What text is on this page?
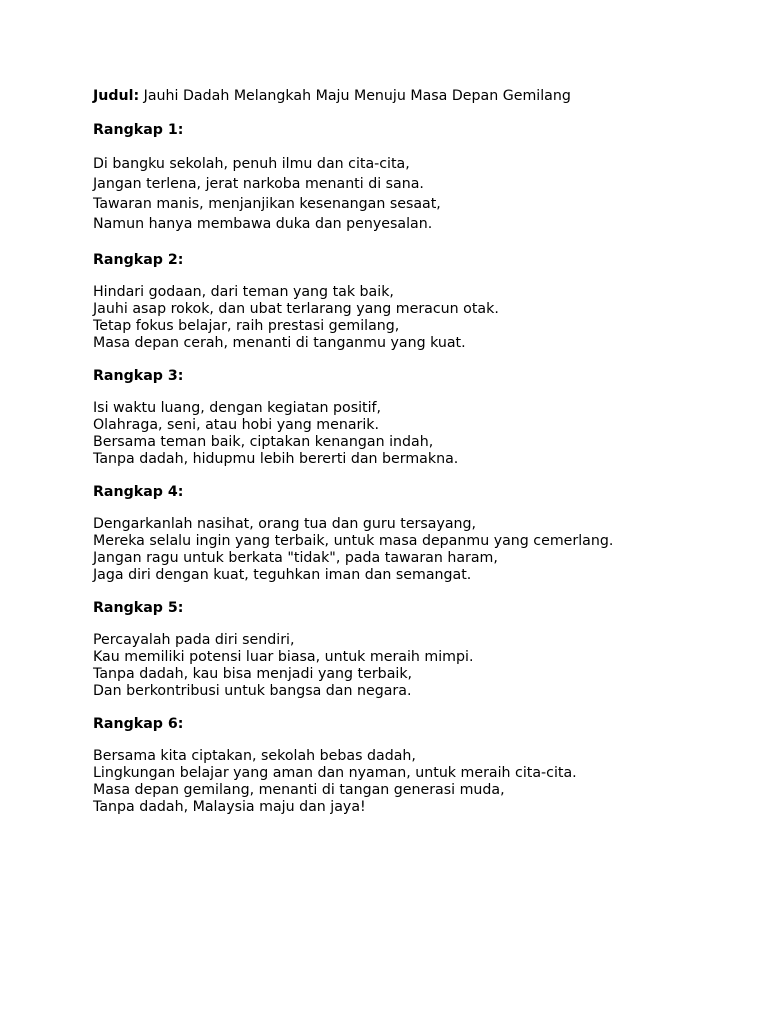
Judul: Jauhi Dadah Melangkah Maju Menuju Masa Depan Gemilang
Rangkap 1:
Di bangku sekolah, penuh ilmu dan cita-cita,
Jangan terlena, jerat narkoba menanti di sana.
Tawaran manis, menjanjikan kesenangan sesaat,
Namun hanya membawa duka dan penyesalan.
Rangkap 2:
Hindari godaan, dari teman yang tak baik,
Jauhi asap rokok, dan ubat terlarang yang meracun otak.
Tetap fokus belajar, raih prestasi gemilang,
Masa depan cerah, menanti di tanganmu yang kuat.
Rangkap 3:
Isi waktu luang, dengan kegiatan positif,
Olahraga, seni, atau hobi yang menarik.
Bersama teman baik, ciptakan kenangan indah,
Tanpa dadah, hidupmu lebih bererti dan bermakna.
Rangkap 4:
Dengarkanlah nasihat, orang tua dan guru tersayang,
Mereka selalu ingin yang terbaik, untuk masa depanmu yang cemerlang.
Jangan ragu untuk berkata "tidak", pada tawaran haram,
Jaga diri dengan kuat, teguhkan iman dan semangat.
Rangkap 5:
Percayalah pada diri sendiri,
Kau memiliki potensi luar biasa, untuk meraih mimpi.
Tanpa dadah, kau bisa menjadi yang terbaik,
Dan berkontribusi untuk bangsa dan negara.
Rangkap 6:
Bersama kita ciptakan, sekolah bebas dadah,
Lingkungan belajar yang aman dan nyaman, untuk meraih cita-cita.
Masa depan gemilang, menanti di tangan generasi muda,
Tanpa dadah, Malaysia maju dan jaya!
